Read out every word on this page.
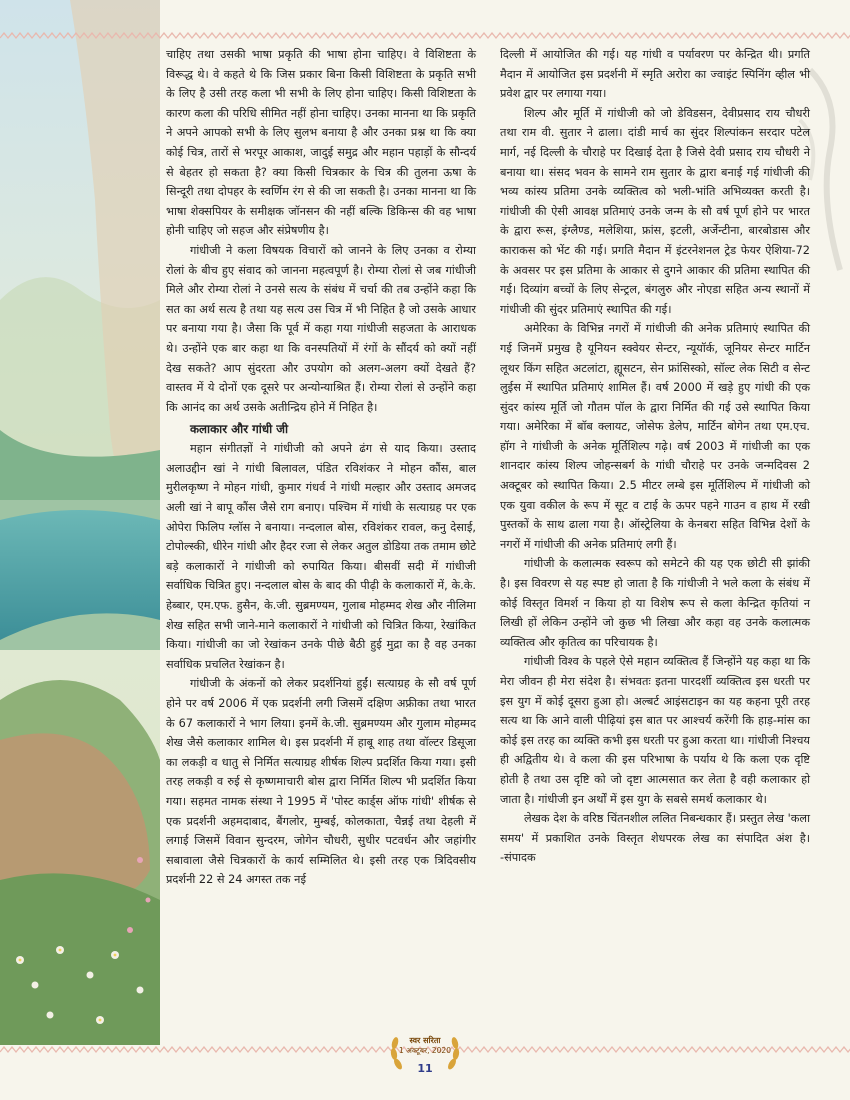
चाहिए तथा उसकी भाषा प्रकृति की भाषा होना चाहिए। वे विशिष्टता के विरूद्ध थे। वे कहते थे कि जिस प्रकार बिना किसी विशिष्टता के प्रकृति सभी के लिए है उसी तरह कला भी सभी के लिए होना चाहिए। किसी विशिष्टता के कारण कला की परिधि सीमित नहीं होना चाहिए। उनका मानना था कि प्रकृति ने अपने आपको सभी के लिए सुलभ बनाया है और उनका प्रश्न था कि क्या कोई चित्र, तारों से भरपूर आकाश, जादुई समुद्र और महान पहाड़ों के सौन्दर्य से बेहतर हो सकता है? क्या किसी चित्रकार के चित्र की तुलना ऊषा के सिन्दूरी तथा दोपहर के स्वर्णिम रंग से की जा सकती है। उनका मानना था कि भाषा शेक्सपियर के समीक्षक जॉनसन की नहीं बल्कि डिकिन्स की वह भाषा होनी चाहिए जो सहज और संप्रेषणीय है।

गांधीजी ने कला विषयक विचारों को जानने के लिए उनका व रोम्या रोलां के बीच हुए संवाद को जानना महत्वपूर्ण है। रोम्या रोलां से जब गांधीजी मिले और रोम्या रोलां ने उनसे सत्य के संबंध में चर्चा की तब उन्होंने कहा कि सत का अर्थ सत्य है तथा यह सत्य उस चित्र में भी निहित है जो उसके आधार पर बनाया गया है। जैसा कि पूर्व में कहा गया गांधीजी सहजता के आराधक थे। उन्होंने एक बार कहा था कि वनस्पतियों में रंगों के सौंदर्य को क्यों नहीं देख सकते? आप सुंदरता और उपयोग को अलग-अलग क्यों देखते हैं? वास्तव में ये दोनों एक दूसरे पर अन्योन्याश्रित हैं। रोम्या रोलां से उन्होंने कहा कि आनंद का अर्थ उसके अतीन्द्रिय होने में निहित है।

कलाकार और गांधी जी

महान संगीतज्ञों ने गांधीजी को अपने ढंग से याद किया। उस्ताद अलाउद्दीन खां ने गांधी बिलावल, पंडित रविशंकर ने मोहन कौंस, बाल मुरीलकृष्ण ने मोहन गांधी, कुमार गंधर्व ने गांधी मल्हार और उस्ताद अमजद अली खां ने बापू कौंस जैसे राग बनाए। पश्चिम में गांधी के सत्याग्रह पर एक ओपेरा फिलिप ग्लॉस ने बनाया। नन्दलाल बोस, रविशंकर रावल, कनु देसाई, टोपोल्स्की, धीरेन गांधी और हैदर रजा से लेकर अतुल डोडिया तक तमाम छोटे बड़े कलाकारों ने गांधीजी को रुपायित किया। बीसवीं सदी में गांधीजी सर्वाधिक चित्रित हुए। नन्दलाल बोस के बाद की पीढ़ी के कलाकारों में, के.के. हेब्बार, एम.एफ. हुसैन, के.जी. सुब्रमण्यम, गुलाब मोहम्मद शेख और नीलिमा शेख सहित सभी जाने-माने कलाकारों ने गांधीजी को चित्रित किया, रेखांकित किया। गांधीजी का जो रेखांकन उनके पीछे बैठी हुई मुद्रा का है वह उनका सर्वाधिक प्रचलित रेखांकन है।

गांधीजी के अंकनों को लेकर प्रदर्शनियां हुईं। सत्याग्रह के सौ वर्ष पूर्ण होने पर वर्ष 2006 में एक प्रदर्शनी लगी जिसमें दक्षिण अफ्रीका तथा भारत के 67 कलाकारों ने भाग लिया। इनमें के.जी. सुब्रमण्यम और गुलाम मोहम्मद शेख जैसे कलाकार शामिल थे। इस प्रदर्शनी में हाबू शाह तथा वॉल्टर डिसूजा का लकड़ी व धातु से निर्मित सत्याग्रह शीर्षक शिल्प प्रदर्शित किया गया। इसी तरह लकड़ी व रुई से कृष्णमाचारी बोस द्वारा निर्मित शिल्प भी प्रदर्शित किया गया। सहमत नामक संस्था ने 1995 में 'पोस्ट कार्ड्स ऑफ गांधी' शीर्षक से एक प्रदर्शनी अहमदाबाद, बैंगलोर, मुम्बई, कोलकाता, चैन्नई तथा देहली में लगाई जिसमें विवान सुन्दरम, जोगेन चौधरी, सुधीर पटवर्धन और जहांगीर सबावाला जैसे चित्रकारों के कार्य सम्मिलित थे। इसी तरह एक त्रिदिवसीय प्रदर्शनी 22 से 24 अगस्त तक नई

दिल्ली में आयोजित की गई। यह गांधी व पर्यावरण पर केन्द्रित थी। प्रगति मैदान में आयोजित इस प्रदर्शनी में स्मृति अरोरा का ज्वाइंट स्पिनिंग व्हील भी प्रवेश द्वार पर लगाया गया।

शिल्प और मूर्ति में गांधीजी को जो डेविडसन, देवीप्रसाद राय चौधरी तथा राम वी. सुतार ने ढाला। दांडी मार्च का सुंदर शिल्पांकन सरदार पटेल मार्ग, नई दिल्ली के चौराहे पर दिखाई देता है जिसे देवी प्रसाद राय चौधरी ने बनाया था। संसद भवन के सामने राम सुतार के द्वारा बनाई गई गांधीजी की भव्य कांस्य प्रतिमा उनके व्यक्तित्व को भली-भांति अभिव्यक्त करती है। गांधीजी की ऐसी आवक्ष प्रतिमाएं उनके जन्म के सौ वर्ष पूर्ण होने पर भारत के द्वारा रूस, इंग्लैण्ड, मलेशिया, फ्रांस, इटली, अर्जेन्टीना, बारबोडास और काराकस को भेंट की गई। प्रगति मैदान में इंटरनेशनल ट्रेड फेयर ऐशिया-72 के अवसर पर इस प्रतिमा के आकार से दुगने आकार की प्रतिमा स्थापित की गई। दिव्यांग बच्चों के लिए सेन्ट्रल, बंगलुरु और नोएडा सहित अन्य स्थानों में गांधीजी की सुंदर प्रतिमाएं स्थापित की गई।

अमेरिका के विभिन्न नगरों में गांधीजी की अनेक प्रतिमाएं स्थापित की गई जिनमें प्रमुख है यूनियन स्क्वेयर सेन्टर, न्यूयॉर्क, जूनियर सेन्टर मार्टिन लूथर किंग सहित अटलांटा, ह्यूसटन, सेन फ्रांसिस्को, सॉल्ट लेक सिटी व सेन्ट लुईस में स्थापित प्रतिमाएं शामिल हैं। वर्ष 2000 में खड़े हुए गांधी की एक सुंदर कांस्य मूर्ति जो गौतम पॉल के द्वारा निर्मित की गई उसे स्थापित किया गया। अमेरिका में बॉब क्लायट, जोसेफ डेलेप, मार्टिन बोगेन तथा एम.एच. हॉग ने गांधीजी के अनेक मूर्तिशिल्प गढ़े। वर्ष 2003 में गांधीजी का एक शानदार कांस्य शिल्प जोहन्सबर्ग के गांधी चौराहे पर उनके जन्मदिवस 2 अक्टूबर को स्थापित किया। 2.5 मीटर लम्बे इस मूर्तिशिल्प में गांधीजी को एक युवा वकील के रूप में सूट व टाई के ऊपर पहने गाउन व हाथ में रखी पुस्तकों के साथ ढाला गया है। ऑस्ट्रेलिया के केनबरा सहित विभिन्न देशों के नगरों में गांधीजी की अनेक प्रतिमाएं लगी हैं।

गांधीजी के कलात्मक स्वरूप को समेटने की यह एक छोटी सी झांकी है। इस विवरण से यह स्पष्ट हो जाता है कि गांधीजी ने भले कला के संबंध में कोई विस्तृत विमर्श न किया हो या विशेष रूप से कला केन्द्रित कृतियां न लिखी हों लेकिन उन्होंने जो कुछ भी लिखा और कहा वह उनके कलात्मक व्यक्तित्व और कृतित्व का परिचायक है।

गांधीजी विश्व के पहले ऐसे महान व्यक्तित्व हैं जिन्होंने यह कहा था कि मेरा जीवन ही मेरा संदेश है। संभवतः इतना पारदर्शी व्यक्तित्व इस धरती पर इस युग में कोई दूसरा हुआ हो। अल्बर्ट आइंसटाइन का यह कहना पूरी तरह सत्य था कि आने वाली पीढ़ियां इस बात पर आश्चर्य करेंगी कि हाड़-मांस का कोई इस तरह का व्यक्ति कभी इस धरती पर हुआ करता था। गांधीजी निश्चय ही अद्वितीय थे। वे कला की इस परिभाषा के पर्याय थे कि कला एक दृष्टि होती है तथा उस दृष्टि को जो दृष्टा आत्मसात कर लेता है वही कलाकार हो जाता है। गांधीजी इन अर्थों में इस युग के सबसे समर्थ कलाकार थे।

लेखक देश के वरिष्ठ चिंतनशील ललित निबन्धकार हैं। प्रस्तुत लेख 'कला समय' में प्रकाशित उनके विस्तृत शेधपरक लेख का संपादित अंश है। -संपादक

स्वर सरिता
1 अक्टूबर, 2020
11
